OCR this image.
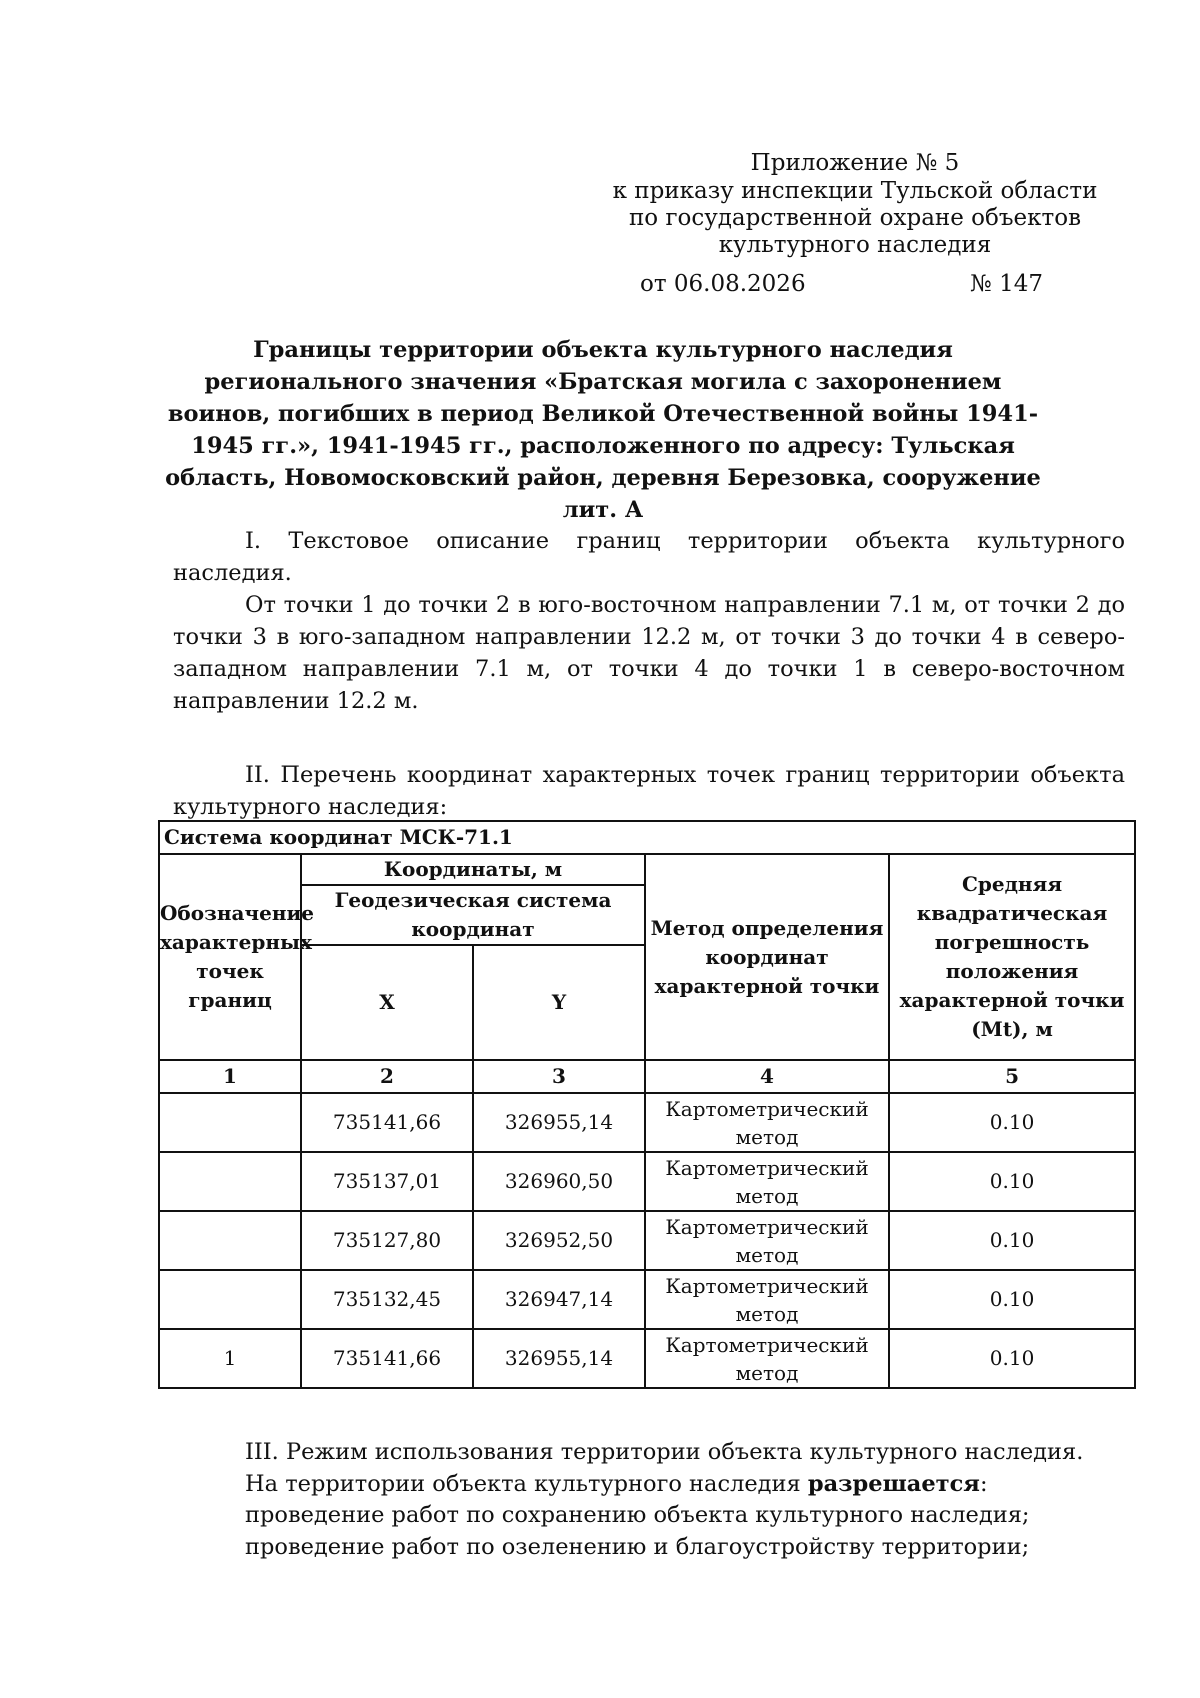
Приложение № 5
к приказу инспекции Тульской области
по государственной охране объектов
культурного наследия
от 06.08.2026	№ 147
Границы территории объекта культурного наследия регионального значения «Братская могила с захоронением воинов, погибших в период Великой Отечественной войны 1941-1945 гг.», 1941-1945 гг., расположенного по адресу: Тульская область, Новомосковский район, деревня Березовка, сооружение лит. А
I. Текстовое описание границ территории объекта культурного наследия.
От точки 1 до точки 2 в юго-восточном направлении 7.1 м, от точки 2 до точки 3 в юго-западном направлении 12.2 м, от точки 3 до точки 4 в северо-западном направлении 7.1 м, от точки 4 до точки 1 в северо-восточном направлении 12.2 м.
II. Перечень координат характерных точек границ территории объекта культурного наследия:
Система координат МСК-71.1				
Обозначение характерных точек границ	Координаты, м		Метод определения координат характерной точки	Средняя квадратическая погрешность положения характерной точки (Mt), м
	Геодезическая система координат			
	X	Y		
1	2	3	4	5
	735141,66	326955,14	Картометрический метод	0.10
	735137,01	326960,50	Картометрический метод	0.10
	735127,80	326952,50	Картометрический метод	0.10
	735132,45	326947,14	Картометрический метод	0.10
1	735141,66	326955,14	Картометрический метод	0.10
III. Режим использования территории объекта культурного наследия.
На территории объекта культурного наследия разрешается:
проведение работ по сохранению объекта культурного наследия;
проведение работ по озеленению и благоустройству территории;
